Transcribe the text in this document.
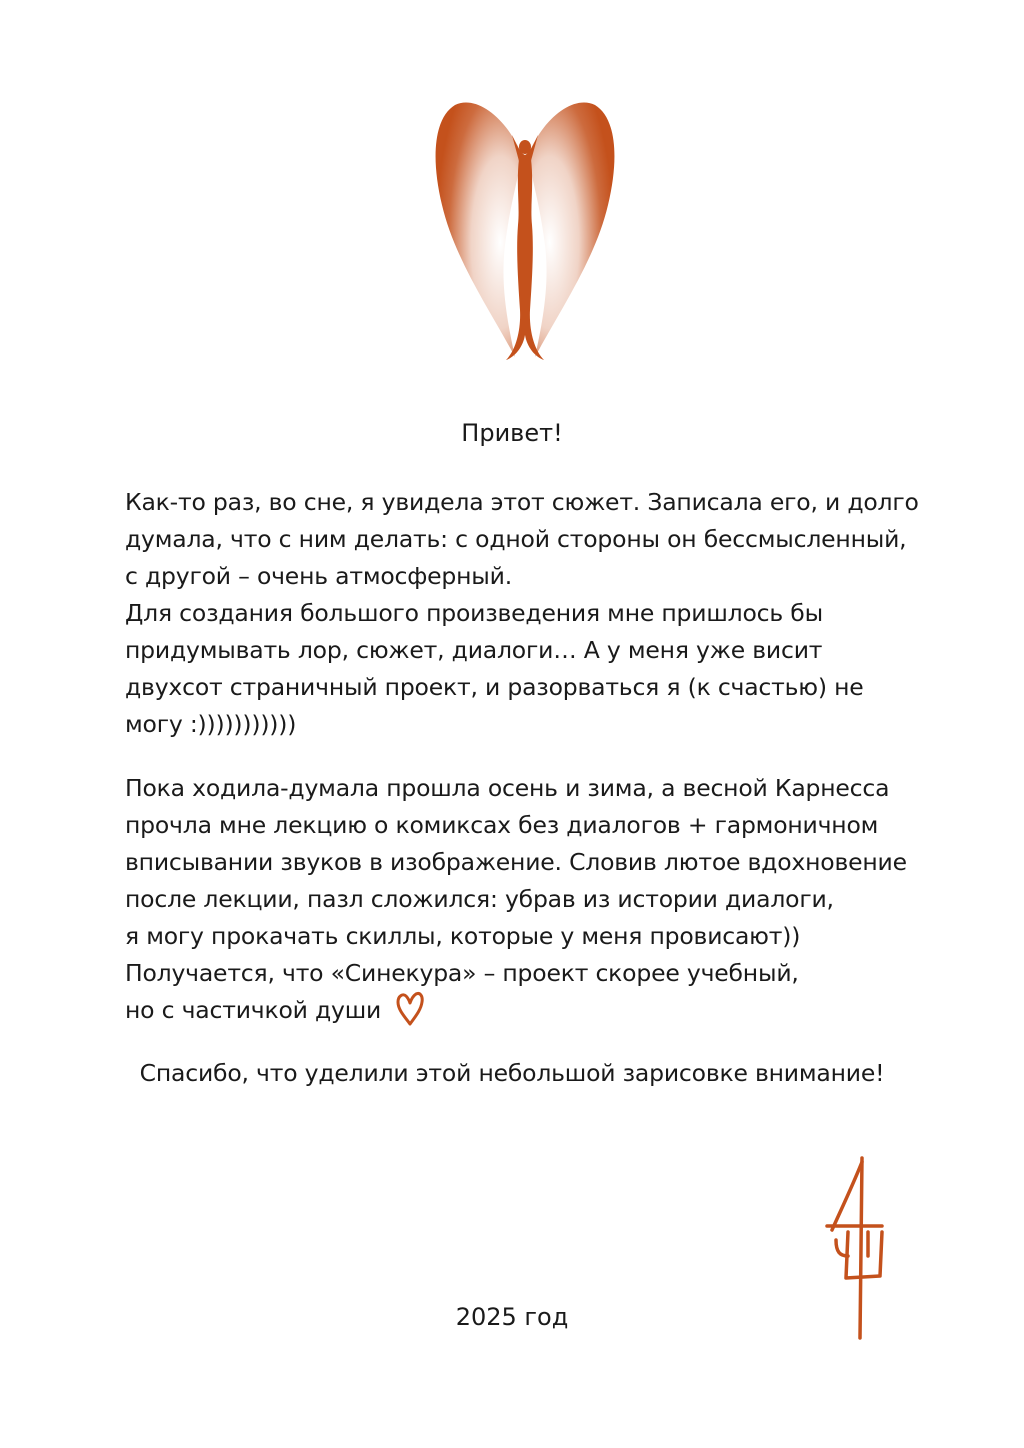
Привет!
Как-то раз, во сне, я увидела этот сюжет. Записала его, и долго
думала, что с ним делать: с одной стороны он бессмысленный,
с другой – очень атмосферный.
Для создания большого произведения мне пришлось бы
придумывать лор, сюжет, диалоги… А у меня уже висит
двухсот страничный проект, и разорваться я (к счастью) не
могу :)))))))))))
Пока ходила-думала прошла осень и зима, а весной Карнесса
прочла мне лекцию о комиксах без диалогов + гармоничном
вписывании звуков в изображение. Словив лютое вдохновение
после лекции, пазл сложился: убрав из истории диалоги,
я могу прокачать скиллы, которые у меня провисают))
Получается, что «Синекура» – проект скорее учебный,
но с частичкой души
Спасибо, что уделили этой небольшой зарисовке внимание!
2025 год
